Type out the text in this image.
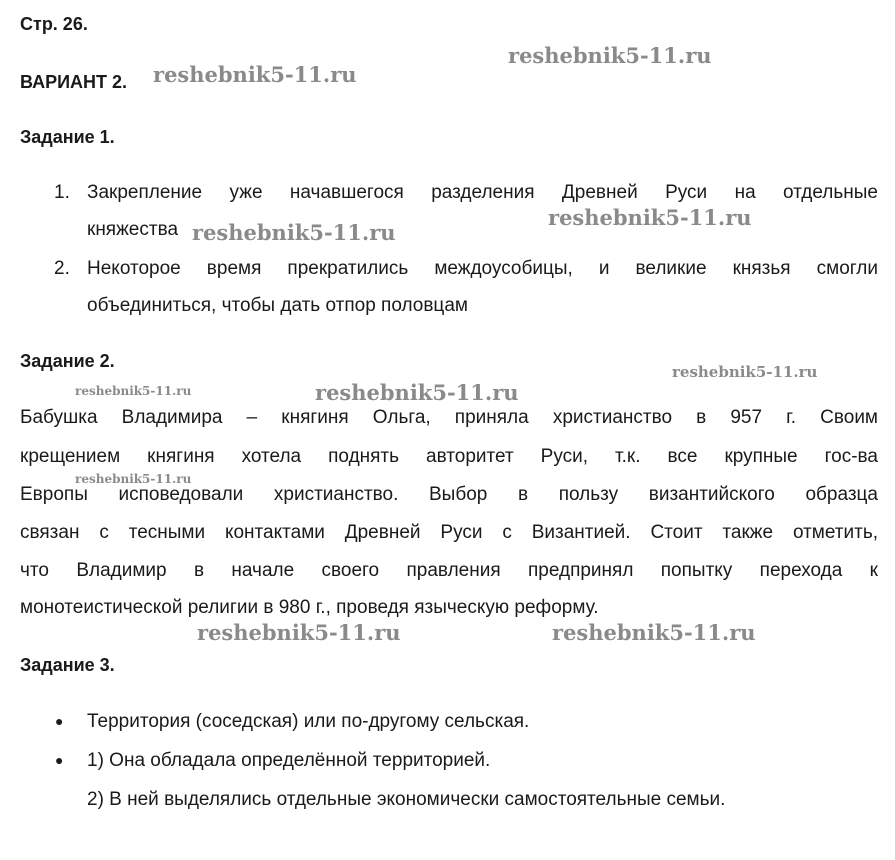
Стр. 26.

ВАРИАНТ 2.

Задание 1.

1. Закрепление уже начавшегося разделения Древней Руси на отдельные

княжества

2. Некоторое время прекратились междоусобицы, и великие князья смогли

объединиться, чтобы дать отпор половцам

Задание 2.

Бабушка Владимира – княгиня Ольга, приняла христианство в 957 г. Своим

крещением княгиня хотела поднять авторитет Руси, т.к. все крупные гос-ва

Европы исповедовали христианство. Выбор в пользу византийского образца

связан с тесными контактами Древней Руси с Византией. Стоит также отметить,

что Владимир в начале своего правления предпринял попытку перехода к

монотеистической религии в 980 г., проведя языческую реформу.

Задание 3.

● Территория (соседская) или по-другому сельская.

● 1) Она обладала определённой территорией.

2) В ней выделялись отдельные экономически самостоятельные семьи.

reshebnik5-11.ru
reshebnik5-11.ru
reshebnik5-11.ru
reshebnik5-11.ru
reshebnik5-11.ru
reshebnik5-11.ru	reshebnik5-11.ru
reshebnik5-11.ru
reshebnik5-11.ru	reshebnik5-11.ru
